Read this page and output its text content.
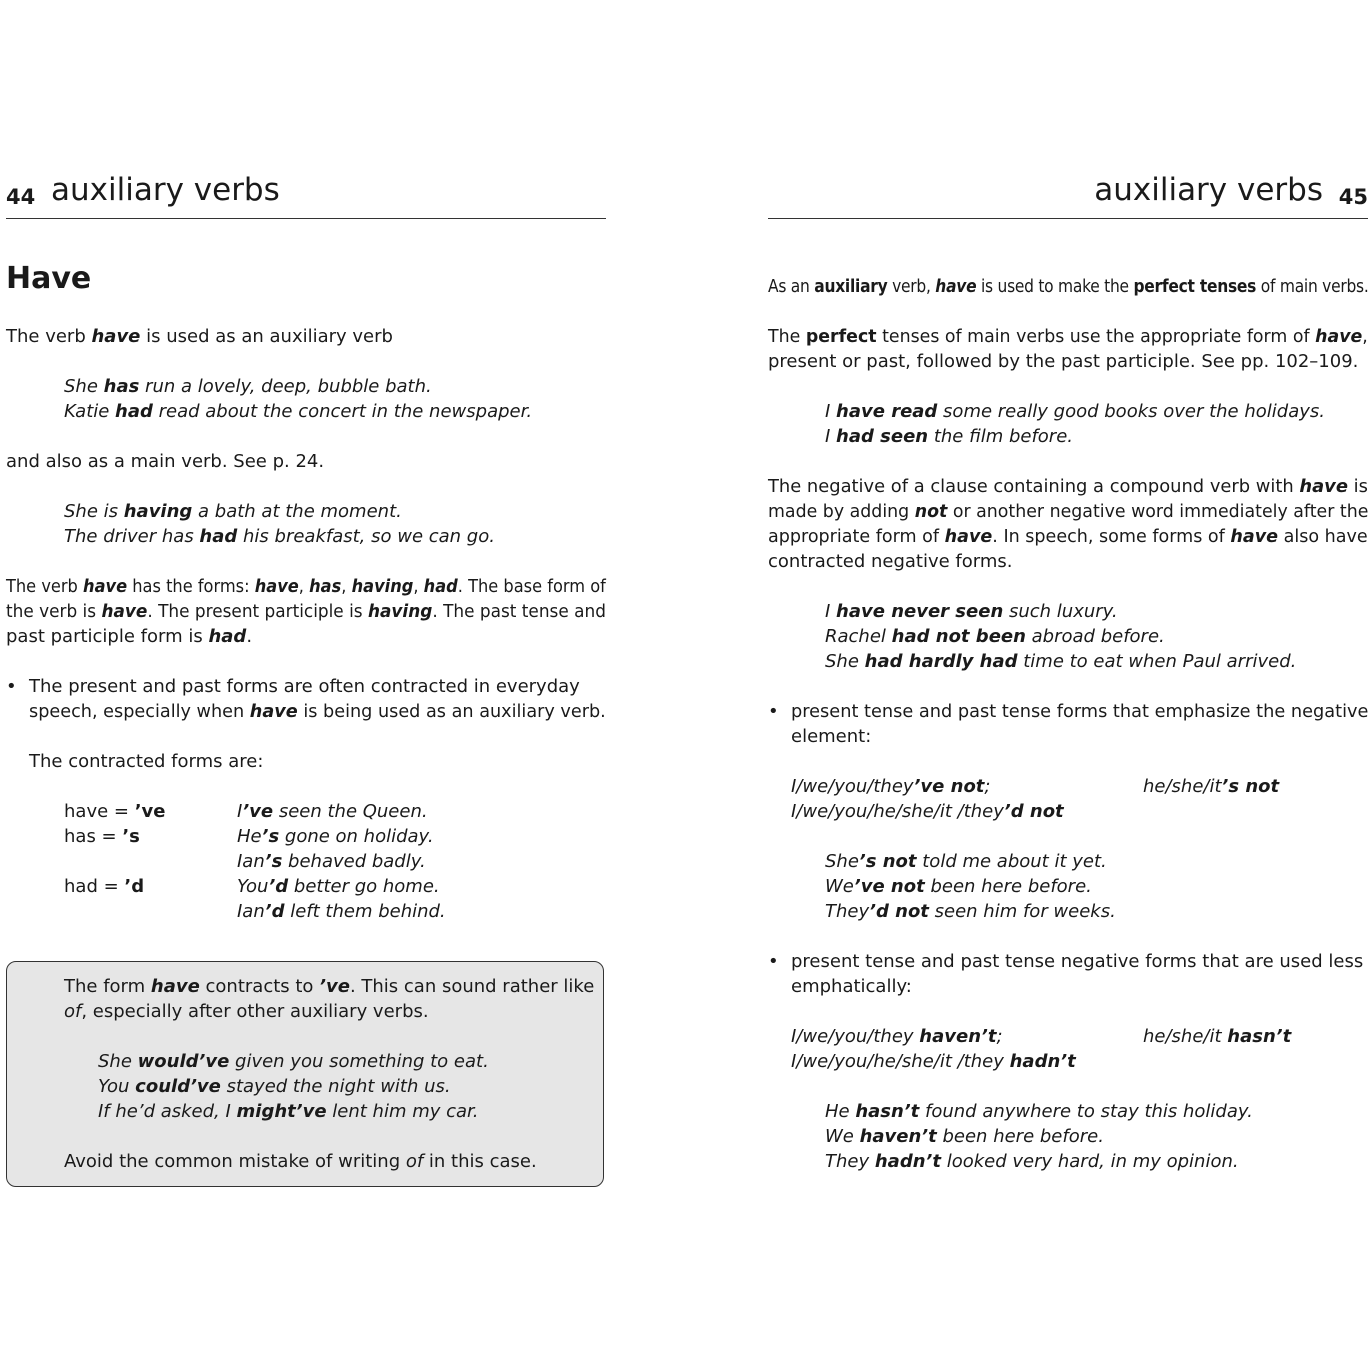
44 auxiliary verbs
Have
The verb have is used as an auxiliary verb
She has run a lovely, deep, bubble bath.
Katie had read about the concert in the newspaper.
and also as a main verb. See p. 24.
She is having a bath at the moment.
The driver has had his breakfast, so we can go.
The verb have has the forms: have, has, having, had. The base form of
the verb is have. The present participle is having. The past tense and
past participle form is had.
• The present and past forms are often contracted in everyday
speech, especially when have is being used as an auxiliary verb.
The contracted forms are:
have = ’ve	I’ve seen the Queen.
has = ’s	He’s gone on holiday.
Ian’s behaved badly.
had = ’d	You’d better go home.
Ian’d left them behind.
The form have contracts to ’ve. This can sound rather like
of, especially after other auxiliary verbs.
She would’ve given you something to eat.
You could’ve stayed the night with us.
If he’d asked, I might’ve lent him my car.
Avoid the common mistake of writing of in this case.
auxiliary verbs 45
As an auxiliary verb, have is used to make the perfect tenses of main verbs.
The perfect tenses of main verbs use the appropriate form of have,
present or past, followed by the past participle. See pp. 102–109.
I have read some really good books over the holidays.
I had seen the film before.
The negative of a clause containing a compound verb with have is
made by adding not or another negative word immediately after the
appropriate form of have. In speech, some forms of have also have
contracted negative forms.
I have never seen such luxury.
Rachel had not been abroad before.
She had hardly had time to eat when Paul arrived.
• present tense and past tense forms that emphasize the negative
element:
I/we/you/they’ve not;	he/she/it’s not
I/we/you/he/she/it /they’d not
She’s not told me about it yet.
We’ve not been here before.
They’d not seen him for weeks.
• present tense and past tense negative forms that are used less
emphatically:
I/we/you/they haven’t;	he/she/it hasn’t
I/we/you/he/she/it /they hadn’t
He hasn’t found anywhere to stay this holiday.
We haven’t been here before.
They hadn’t looked very hard, in my opinion.
